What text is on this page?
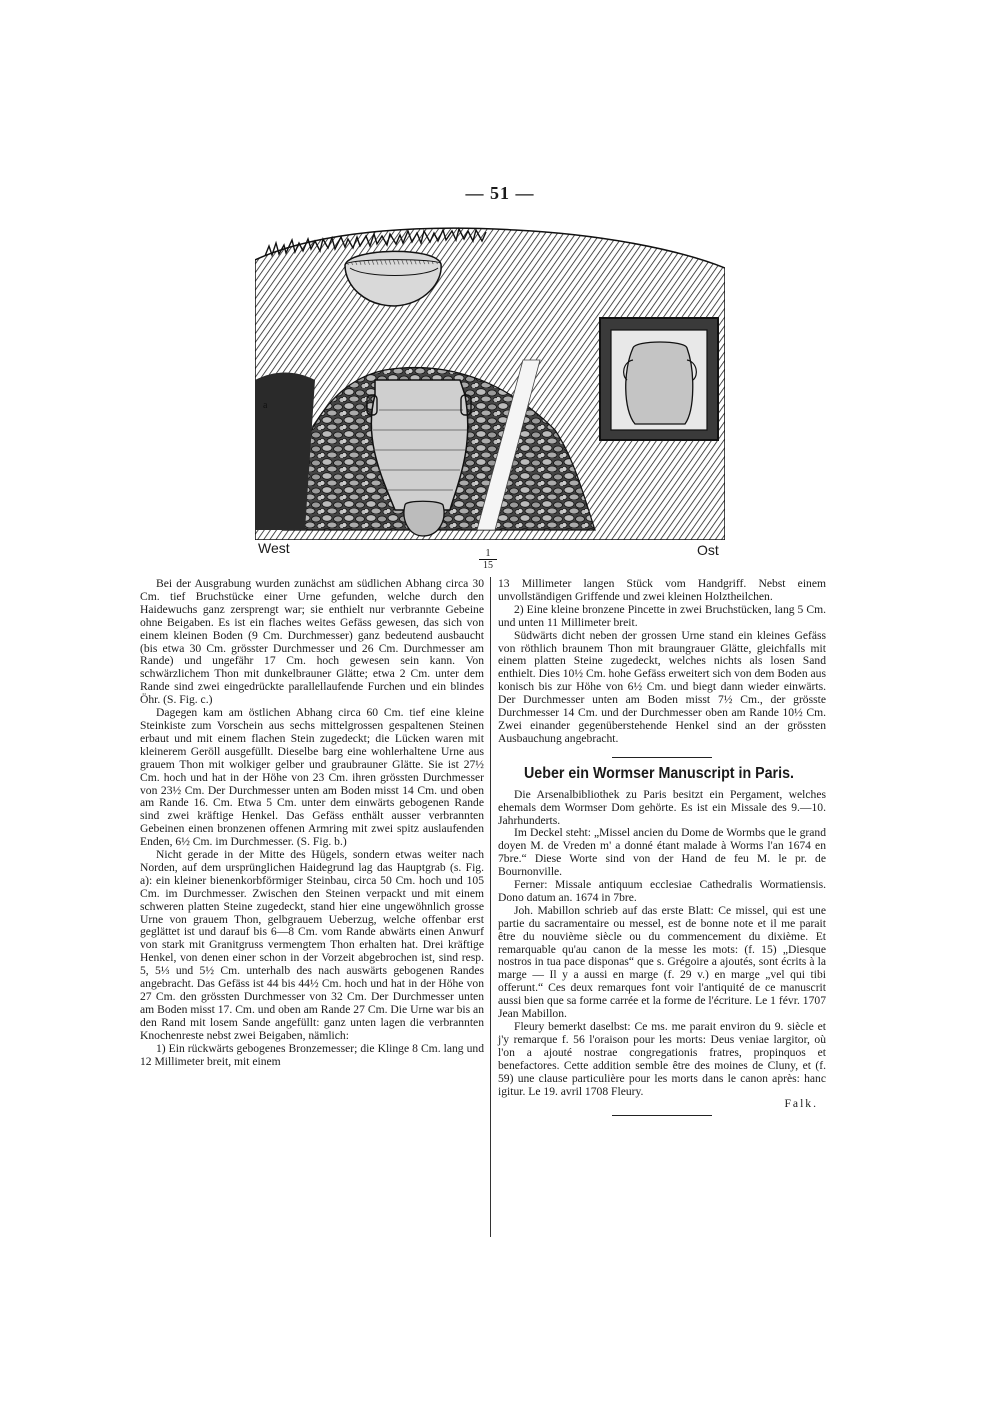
— 51 —
a
West	$\frac{1}{15}$	Ost

Bei der Ausgrabung wurden zunächst am südlichen Abhang circa 30 Cm. tief Bruchstücke einer Urne gefunden, welche durch den Haidewuchs ganz zersprengt war; sie enthielt nur verbrannte Gebeine ohne Beigaben. Es ist ein flaches weites Gefäss gewesen, das sich von einem kleinen Boden (9 Cm. Durchmesser) ganz bedeutend ausbaucht (bis etwa 30 Cm. grösster Durchmesser und 26 Cm. Durchmesser am Rande) und ungefähr 17 Cm. hoch gewesen sein kann. Von schwärzlichem Thon mit dunkelbrauner Glätte; etwa 2 Cm. unter dem Rande sind zwei eingedrückte parallellaufende Furchen und ein blindes Öhr. (S. Fig. c.)

Dagegen kam am östlichen Abhang circa 60 Cm. tief eine kleine Steinkiste zum Vorschein aus sechs mittelgrossen gespaltenen Steinen erbaut und mit einem flachen Stein zugedeckt; die Lücken waren mit kleinerem Geröll ausgefüllt. Dieselbe barg eine wohlerhaltene Urne aus grauem Thon mit wolkiger gelber und graubrauner Glätte. Sie ist 27½ Cm. hoch und hat in der Höhe von 23 Cm. ihren grössten Durchmesser von 23½ Cm. Der Durchmesser unten am Boden misst 14 Cm. und oben am Rande 16. Cm. Etwa 5 Cm. unter dem einwärts gebogenen Rande sind zwei kräftige Henkel. Das Gefäss enthält ausser verbrannten Gebeinen einen bronzenen offenen Armring mit zwei spitz auslaufenden Enden, 6½ Cm. im Durchmesser. (S. Fig. b.)

Nicht gerade in der Mitte des Hügels, sondern etwas weiter nach Norden, auf dem ursprünglichen Haidegrund lag das Hauptgrab (s. Fig. a): ein kleiner bienenkorbförmiger Steinbau, circa 50 Cm. hoch und 105 Cm. im Durchmesser. Zwischen den Steinen verpackt und mit einem schweren platten Steine zugedeckt, stand hier eine ungewöhnlich grosse Urne von grauem Thon, gelbgrauem Ueberzug, welche offenbar erst geglättet ist und darauf bis 6—8 Cm. vom Rande abwärts einen Anwurf von stark mit Granitgruss vermengtem Thon erhalten hat. Drei kräftige Henkel, von denen einer schon in der Vorzeit abgebrochen ist, sind resp. 5, 5⅓ und 5½ Cm. unterhalb des nach auswärts gebogenen Randes angebracht. Das Gefäss ist 44 bis 44½ Cm. hoch und hat in der Höhe von 27 Cm. den grössten Durchmesser von 32 Cm. Der Durchmesser unten am Boden misst 17. Cm. und oben am Rande 27 Cm. Die Urne war bis an den Rand mit losem Sande angefüllt: ganz unten lagen die verbrannten Knochenreste nebst zwei Beigaben, nämlich:

1) Ein rückwärts gebogenes Bronzemesser; die Klinge 8 Cm. lang und 12 Millimeter breit, mit einem

13 Millimeter langen Stück vom Handgriff. Nebst einem unvollständigen Griffende und zwei kleinen Holztheilchen.

2) Eine kleine bronzene Pincette in zwei Bruchstücken, lang 5 Cm. und unten 11 Millimeter breit.

Südwärts dicht neben der grossen Urne stand ein kleines Gefäss von röthlich braunem Thon mit braungrauer Glätte, gleichfalls mit einem platten Steine zugedeckt, welches nichts als losen Sand enthielt. Dies 10½ Cm. hohe Gefäss erweitert sich von dem Boden aus konisch bis zur Höhe von 6½ Cm. und biegt dann wieder einwärts. Der Durchmesser unten am Boden misst 7½ Cm., der grösste Durchmesser 14 Cm. und der Durchmesser oben am Rande 10½ Cm. Zwei einander gegenüberstehende Henkel sind an der grössten Ausbauchung angebracht.

Ueber ein Wormser Manuscript in Paris.

Die Arsenalbibliothek zu Paris besitzt ein Pergament, welches ehemals dem Wormser Dom gehörte. Es ist ein Missale des 9.—10. Jahrhunderts.

Im Deckel steht: „Missel ancien du Dome de Wormbs que le grand doyen M. de Vreden m' a donné étant malade à Worms l'an 1674 en 7bre.“ Diese Worte sind von der Hand de feu M. le pr. de Bournonville.

Ferner: Missale antiquum ecclesiae Cathedralis Wormatiensis. Dono datum an. 1674 in 7bre.

Joh. Mabillon schrieb auf das erste Blatt: Ce missel, qui est une partie du sacramentaire ou messel, est de bonne note et il me parait être du nouvième siècle ou du commencement du dixième. Et remarquable qu'au canon de la messe les mots: (f. 15) „Diesque nostros in tua pace disponas“ que s. Grégoire a ajoutés, sont écrits à la marge — Il y a aussi en marge (f. 29 v.) en marge „vel qui tibi offerunt.“ Ces deux remarques font voir l'antiquité de ce manuscrit aussi bien que sa forme carrée et la forme de l'écriture. Le 1 févr. 1707 Jean Mabillon.

Fleury bemerkt daselbst: Ce ms. me parait environ du 9. siècle et j'y remarque f. 56 l'oraison pour les morts: Deus veniae largitor, où l'on a ajouté nostrae congregationis fratres, propinquos et benefactores. Cette addition semble être des moines de Cluny, et (f. 59) une clause particulière pour les morts dans le canon après: hanc igitur. Le 19. avril 1708 Fleury.

Falk.
